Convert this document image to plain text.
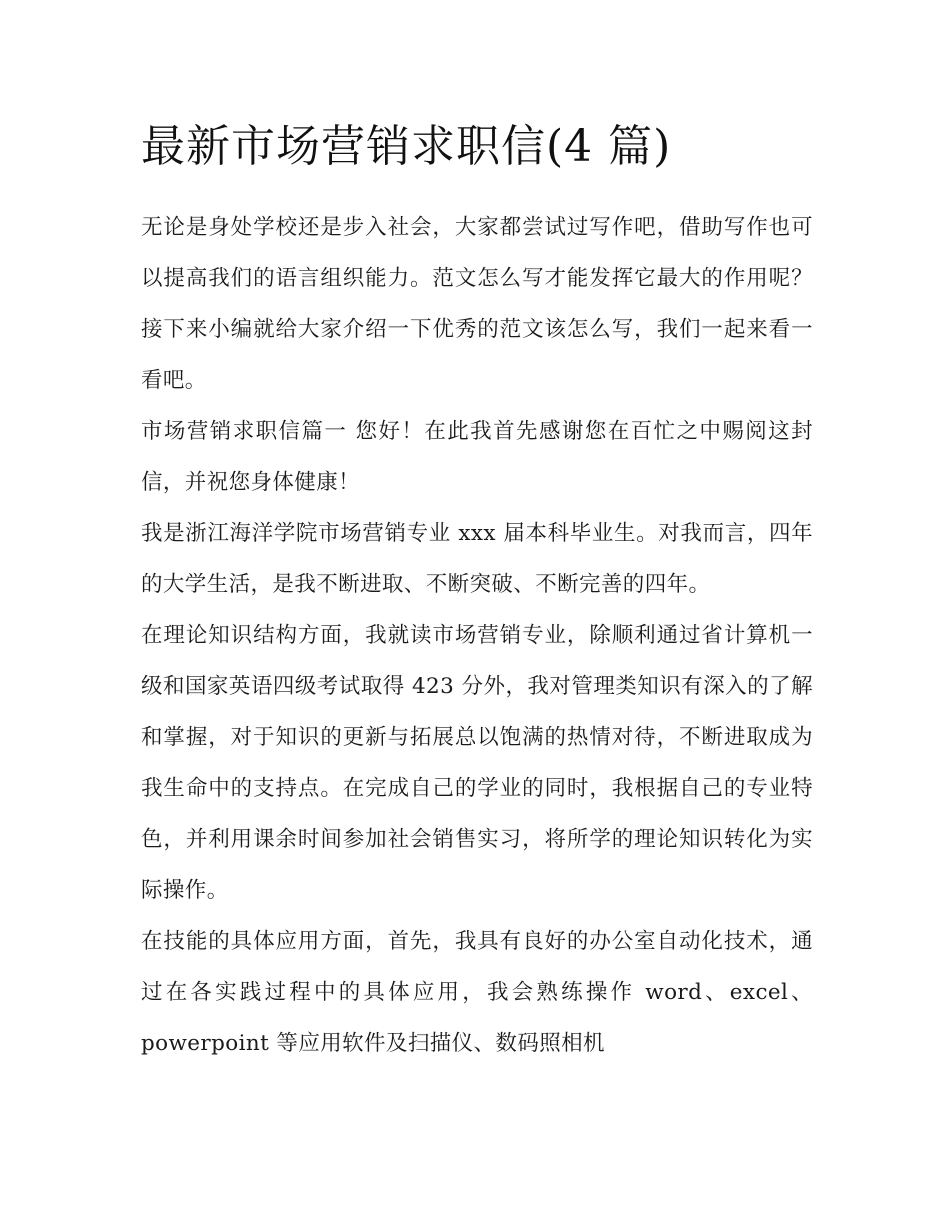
最新市场营销求职信(4 篇)

无论是身处学校还是步入社会，大家都尝试过写作吧，借助写作也可以提高我们的语言组织能力。范文怎么写才能发挥它最大的作用呢？接下来小编就给大家介绍一下优秀的范文该怎么写，我们一起来看一看吧。

市场营销求职信篇一 您好！在此我首先感谢您在百忙之中赐阅这封信，并祝您身体健康！

我是浙江海洋学院市场营销专业 xxx 届本科毕业生。对我而言，四年的大学生活，是我不断进取、不断突破、不断完善的四年。

在理论知识结构方面，我就读市场营销专业，除顺利通过省计算机一级和国家英语四级考试取得 423 分外，我对管理类知识有深入的了解和掌握，对于知识的更新与拓展总以饱满的热情对待，不断进取成为我生命中的支持点。在完成自己的学业的同时，我根据自己的专业特色，并利用课余时间参加社会销售实习，将所学的理论知识转化为实际操作。

在技能的具体应用方面，首先，我具有良好的办公室自动化技术，通过在各实践过程中的具体应用，我会熟练操作 word、excel、powerpoint 等应用软件及扫描仪、数码照相机
